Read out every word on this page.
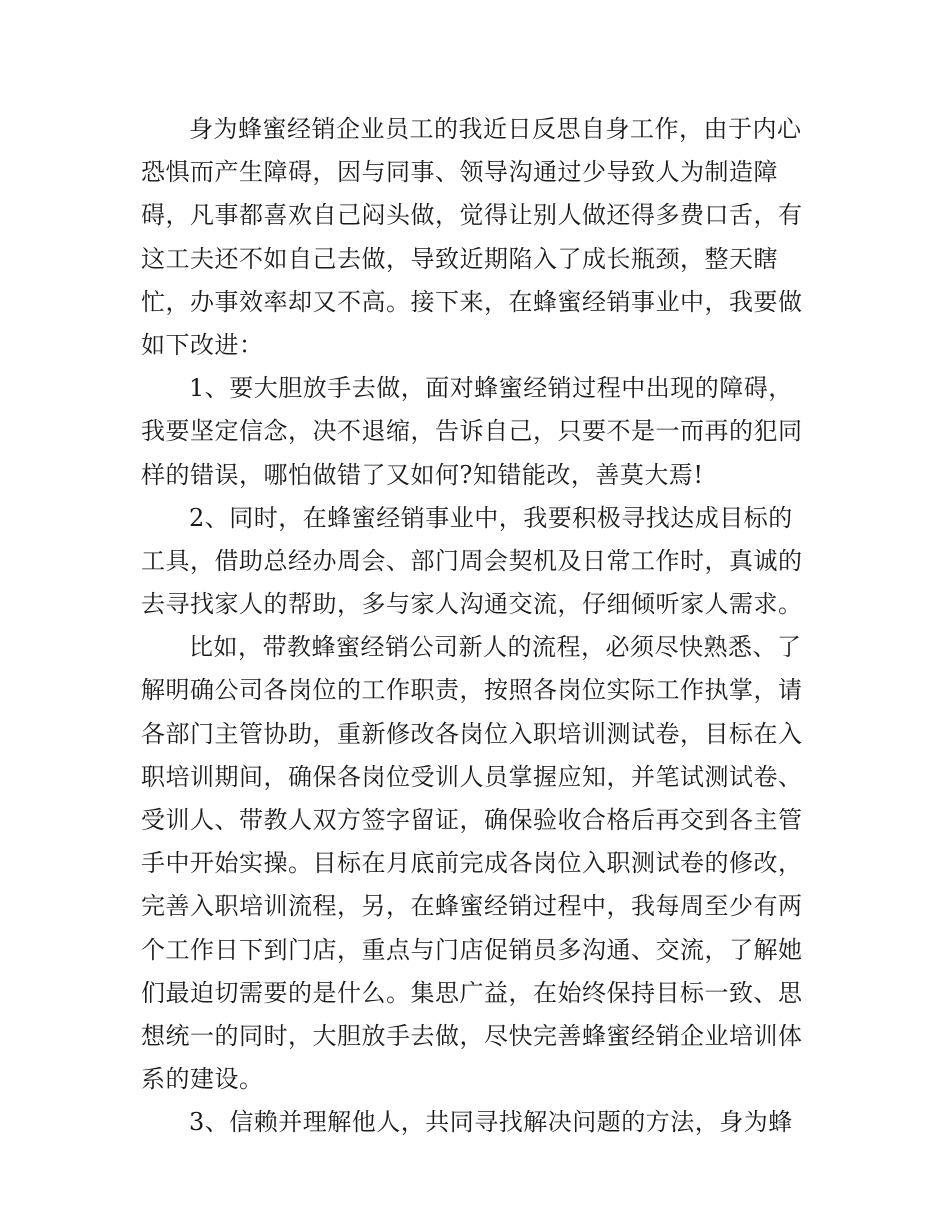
身为蜂蜜经销企业员工的我近日反思自身工作，由于内心
恐惧而产生障碍，因与同事、领导沟通过少导致人为制造障
碍，凡事都喜欢自己闷头做，觉得让别人做还得多费口舌，有
这工夫还不如自己去做，导致近期陷入了成长瓶颈，整天瞎
忙，办事效率却又不高。接下来，在蜂蜜经销事业中，我要做
如下改进：
1、要大胆放手去做，面对蜂蜜经销过程中出现的障碍，
我要坚定信念，决不退缩，告诉自己，只要不是一而再的犯同
样的错误，哪怕做错了又如何?知错能改，善莫大焉!
2、同时，在蜂蜜经销事业中，我要积极寻找达成目标的
工具，借助总经办周会、部门周会契机及日常工作时，真诚的
去寻找家人的帮助，多与家人沟通交流，仔细倾听家人需求。
比如，带教蜂蜜经销公司新人的流程，必须尽快熟悉、了
解明确公司各岗位的工作职责，按照各岗位实际工作执掌，请
各部门主管协助，重新修改各岗位入职培训测试卷，目标在入
职培训期间，确保各岗位受训人员掌握应知，并笔试测试卷、
受训人、带教人双方签字留证，确保验收合格后再交到各主管
手中开始实操。目标在月底前完成各岗位入职测试卷的修改，
完善入职培训流程，另，在蜂蜜经销过程中，我每周至少有两
个工作日下到门店，重点与门店促销员多沟通、交流，了解她
们最迫切需要的是什么。集思广益，在始终保持目标一致、思
想统一的同时，大胆放手去做，尽快完善蜂蜜经销企业培训体
系的建设。
3、信赖并理解他人，共同寻找解决问题的方法，身为蜂
